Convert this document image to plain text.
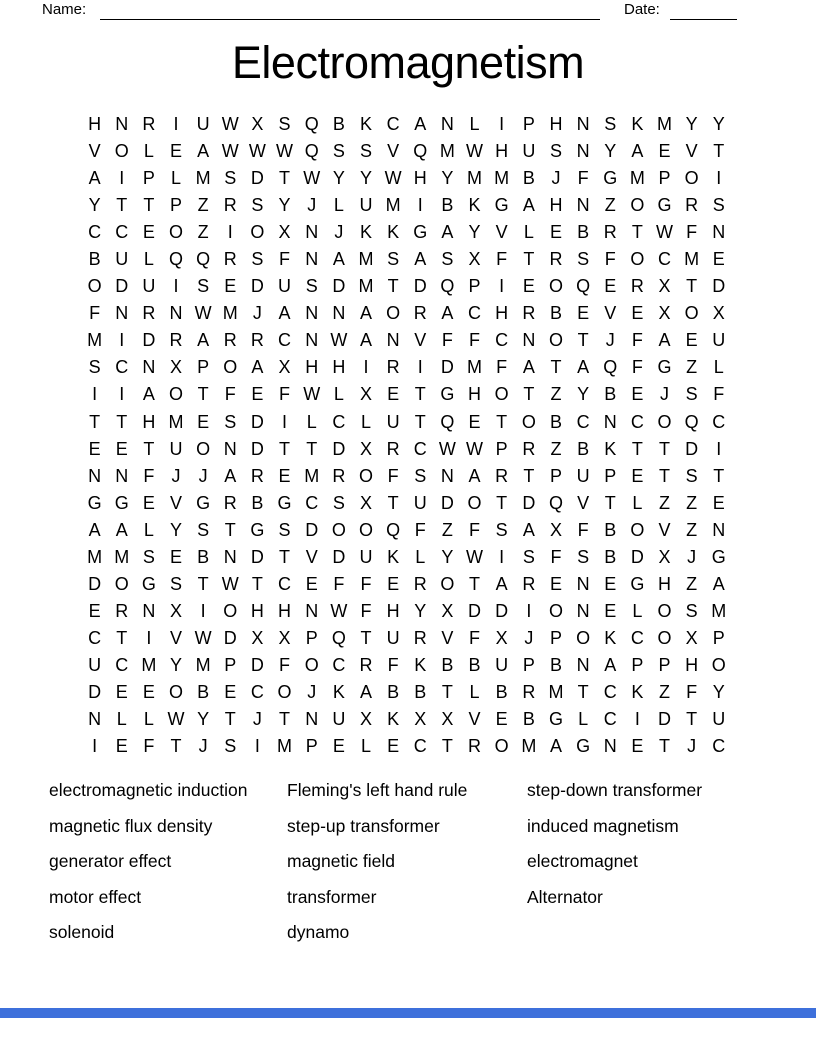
Name:	Date:
Electromagnetism
H N R	I	U W X S Q B K C A N L	I	P H N S K M Y Y
V O L E A W W W Q S S V Q M W H U S N Y A E V T
A	I	P L M S D T W Y Y W H Y M M B J F G M P O I
Y T T P Z R S Y J L U M I	B K G A H N Z O G R S
C C E O Z	I O X N J K K G A Y V L E B R T W F N
B U L Q Q R S F N A M S A S X F T R S F O C M E
O D U	I	S E D U S D M T D Q P	I	E O Q E R X T D
F N R N W M J A N N A O R A C H R B E V E X O X
M I	D R A R R C N W A N V F F C N O T J F A E U
S C N X P O A X H H	I	R	I	D M F A T A Q F G Z L
I	I	A O T F E F W L X E T G H O T Z Y B E J S F
T T H M E S D	I	L C L U T Q E T O B C N C O Q C
E E T U O N D T T D X R C W W P R Z B K T T D	I
N N F J	J A R E M R O F S N A R T P U P E T S T
G G E V G R B G C S X T U D O T D Q V T L Z Z E
A A L Y S T G S D O O Q F Z F S A X F B O V Z N
M M S E B N D T V D U K L Y W I	S F S B D X J G
D O G S T W T C E F F E R O T A R E N E G H Z A
E R N X	I O H H N W F H Y X D D	I O N E L O S M
C T	I	V W D X X P Q T U R V F X J P O K C O X P
U C M Y M P D F O C R F K B B U P B N A P P H O
D E E O B E C O J K A B B T L B R M T C K Z F Y
N L L W Y T J T N U X K X X V E B G L C	I	D T U
I	E F T J S	I M P E L E C T R O M A G N E T J C
electromagnetic induction
magnetic flux density
generator effect
motor effect
solenoid
Fleming's left hand rule
step-up transformer
magnetic field
transformer
dynamo
step-down transformer
induced magnetism
electromagnet
Alternator
